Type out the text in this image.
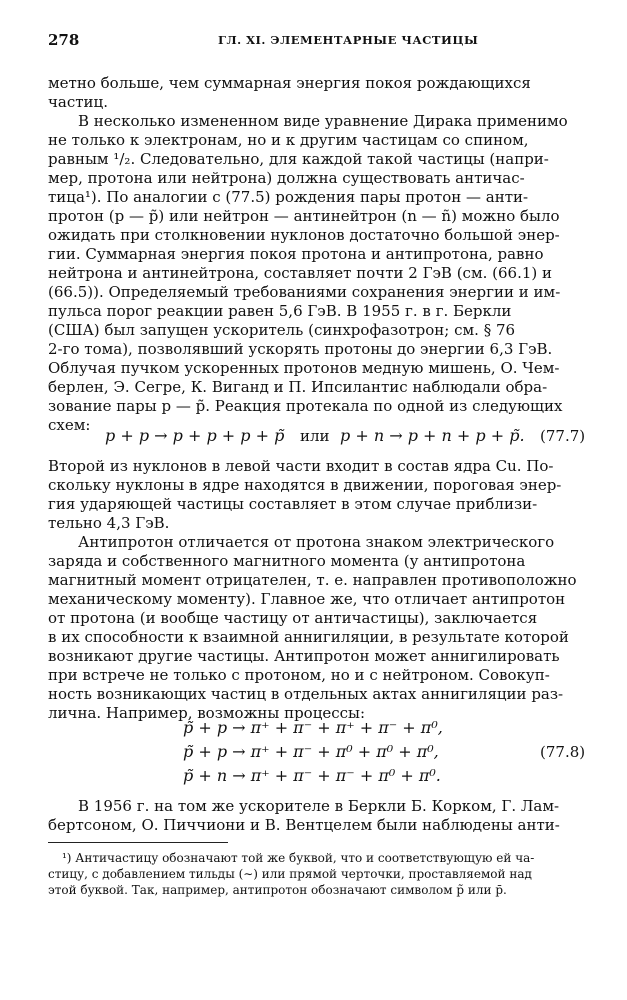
278	ГЛ. XI. ЭЛЕМЕНТАРНЫЕ ЧАСТИЦЫ
метно больше, чем суммарная энергия покоя рождающихся
частиц.
В несколько измененном виде уравнение Дирака применимо
не только к электронам, но и к другим частицам со спином,
равным ¹/₂. Следовательно, для каждой такой частицы (напри-
мер, протона или нейтрона) должна существовать античас-
тица¹). По аналогии с (77.5) рождения пары протон — анти-
протон (p — p̃) или нейтрон — антинейтрон (n — ñ) можно было
ожидать при столкновении нуклонов достаточно большой энер-
гии. Суммарная энергия покоя протона и антипротона, равно
нейтрона и антинейтрона, составляет почти 2 ГэВ (см. (66.1) и
(66.5)). Определяемый требованиями сохранения энергии и им-
пульса порог реакции равен 5,6 ГэВ. В 1955 г. в г. Беркли
(США) был запущен ускоритель (синхрофазотрон; см. § 76
2-го тома), позволявший ускорять протоны до энергии 6,3 ГэВ.
Облучая пучком ускоренных протонов медную мишень, О. Чем-
берлен, Э. Сегре, К. Виганд и П. Ипсилантис наблюдали обра-
зование пары p — p̃. Реакция протекала по одной из следующих
схем:
p + p → p + p + p + p̃ или p + n → p + n + p + p̃. (77.7)
Второй из нуклонов в левой части входит в состав ядра Cu. По-
скольку нуклоны в ядре находятся в движении, пороговая энер-
гия ударяющей частицы составляет в этом случае приблизи-
тельно 4,3 ГэВ.
Антипротон отличается от протона знаком электрического
заряда и собственного магнитного момента (у антипротона
магнитный момент отрицателен, т. е. направлен противоположно
механическому моменту). Главное же, что отличает антипротон
от протона (и вообще частицу от античастицы), заключается
в их способности к взаимной аннигиляции, в результате которой
возникают другие частицы. Антипротон может аннигилировать
при встрече не только с протоном, но и с нейтроном. Совокуп-
ность возникающих частиц в отдельных актах аннигиляции раз-
лична. Например, возможны процессы:
p̃ + p → π⁺ + π⁻ + π⁺ + π⁻ + π⁰,
p̃ + p → π⁺ + π⁻ + π⁰ + π⁰ + π⁰,
p̃ + n → π⁺ + π⁻ + π⁻ + π⁰ + π⁰.
(77.8)
В 1956 г. на том же ускорителе в Беркли Б. Корком, Г. Лам-
бертсоном, О. Пиччиони и В. Вентцелем были наблюдены анти-
¹) Античастицу обозначают той же буквой, что и соответствующую ей ча-
стицу, с добавлением тильды (∼) или прямой черточки, проставляемой над
этой буквой. Так, например, антипротон обозначают символом p̃ или p̄.
